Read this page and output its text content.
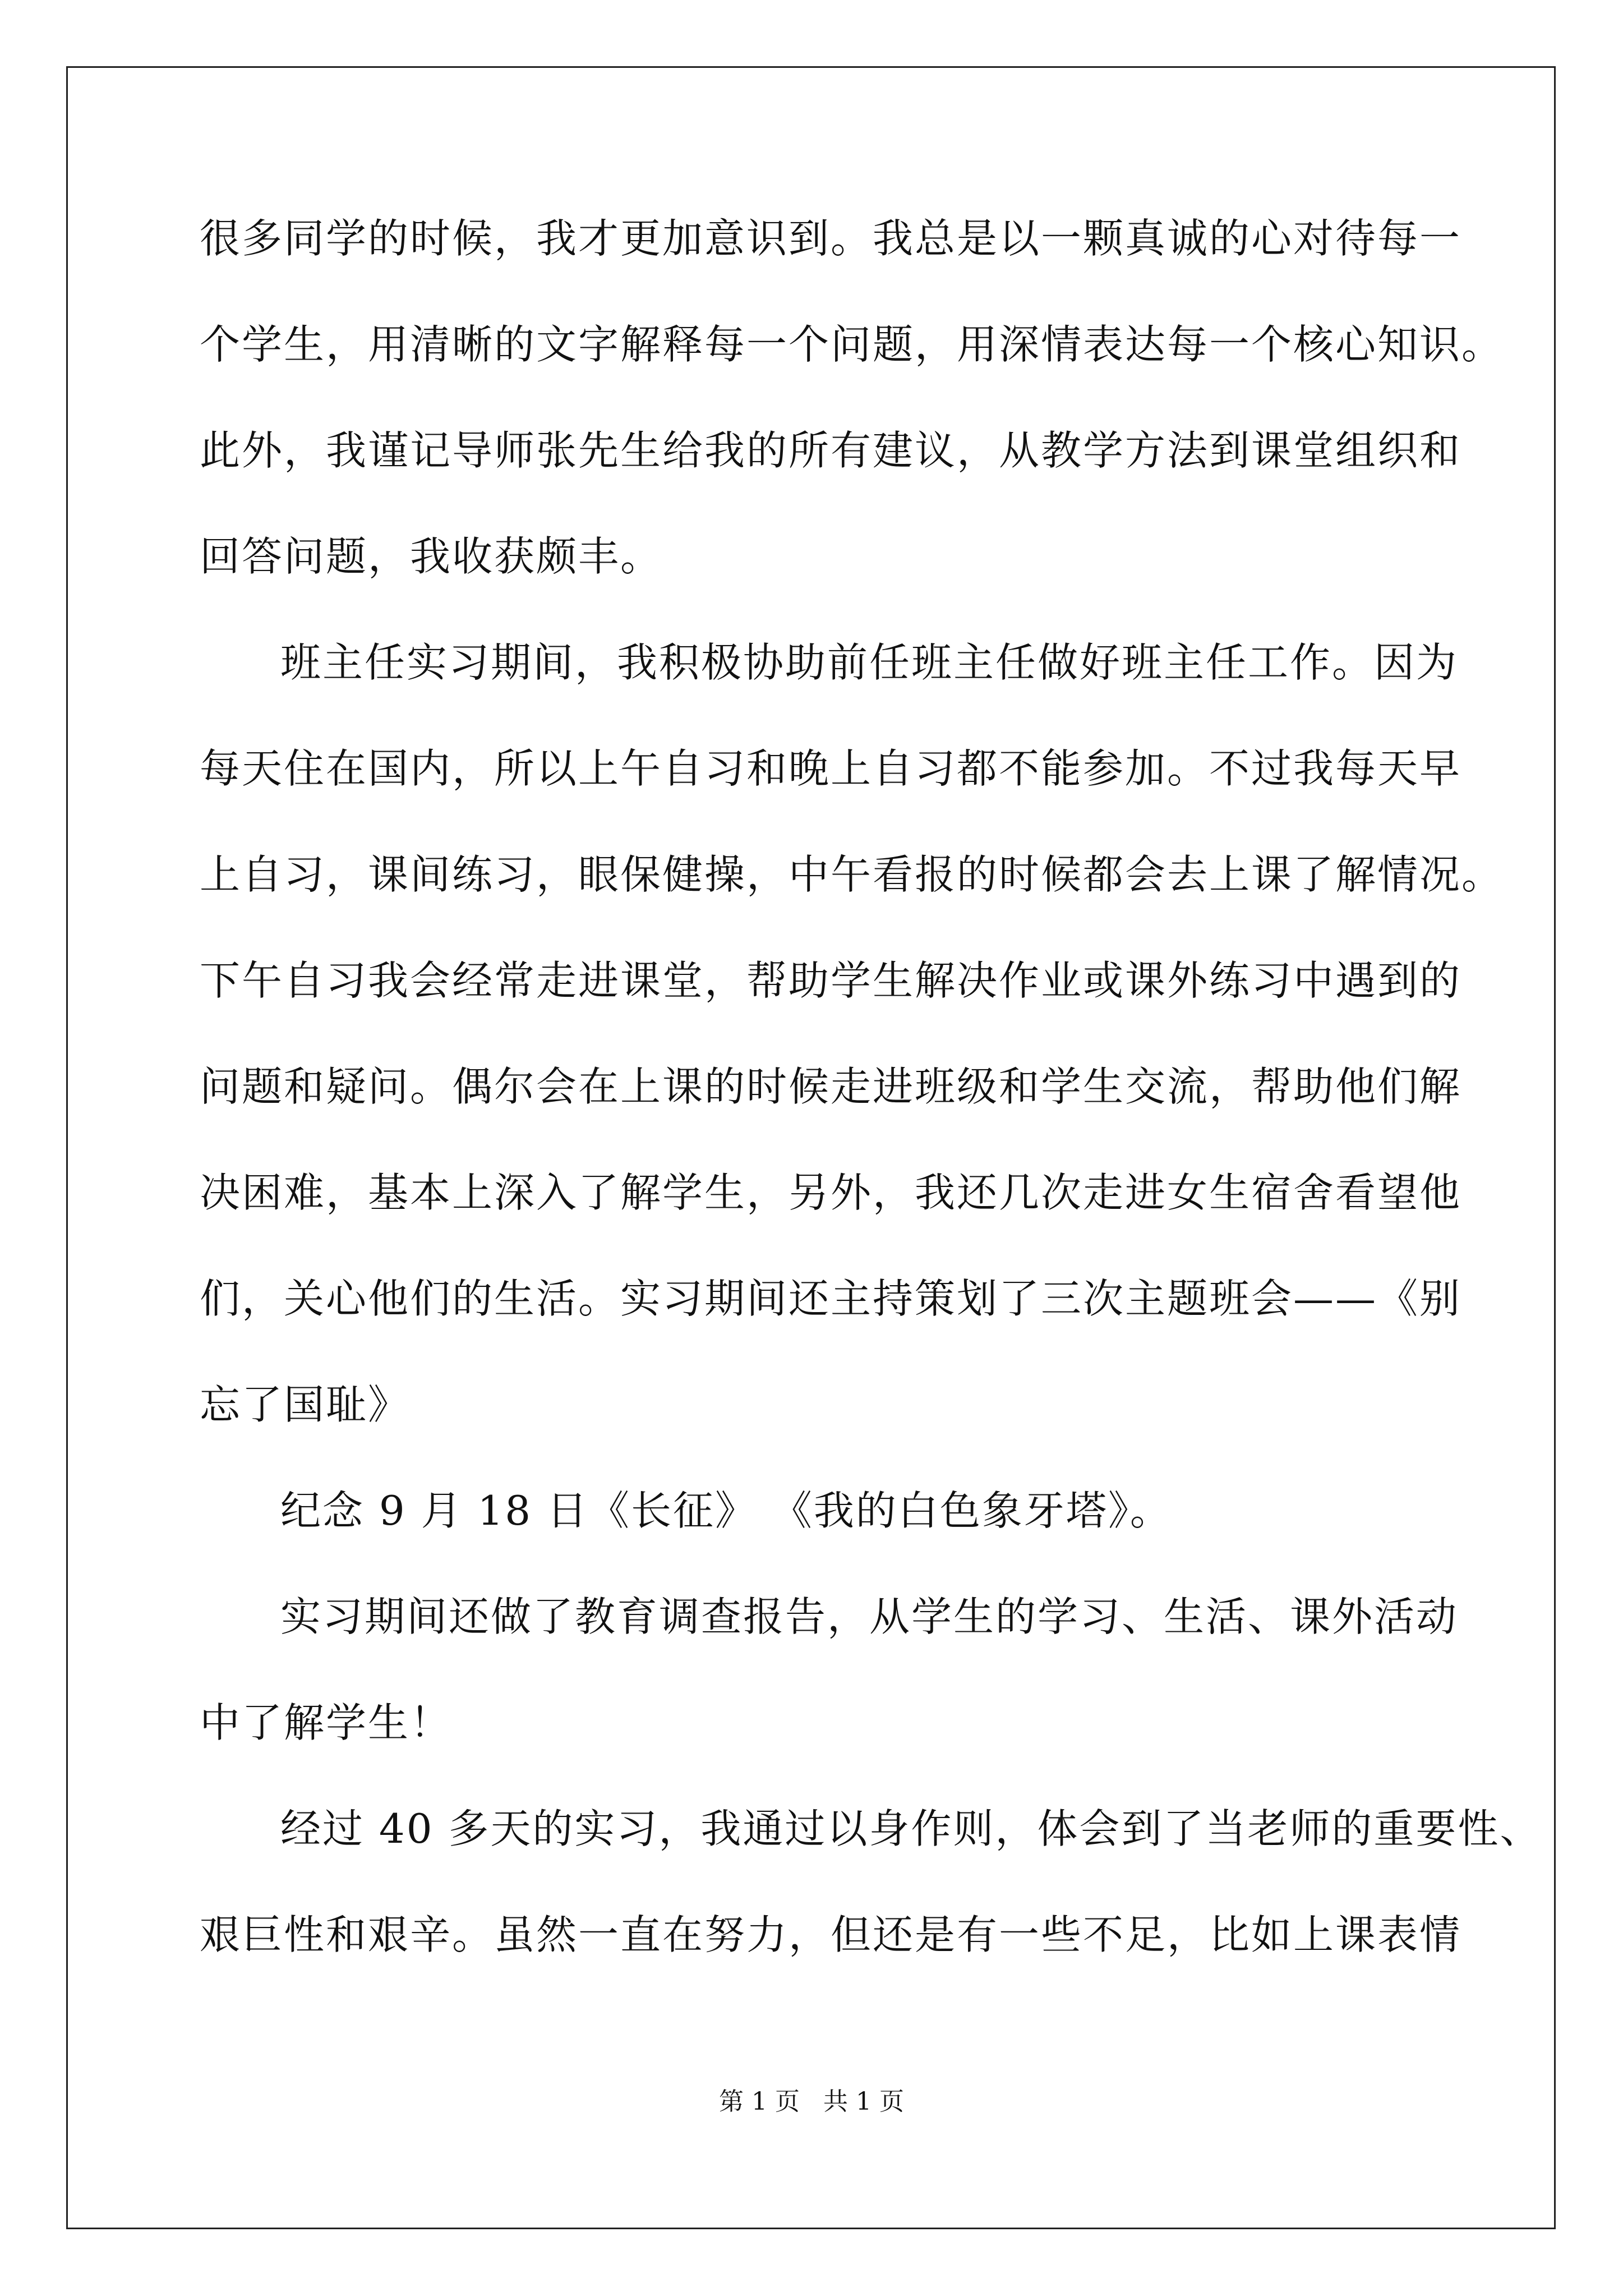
很多同学的时候，我才更加意识到。我总是以一颗真诚的心对待每一
个学生，用清晰的文字解释每一个问题，用深情表达每一个核心知识。
此外，我谨记导师张先生给我的所有建议，从教学方法到课堂组织和
回答问题，我收获颇丰。
班主任实习期间，我积极协助前任班主任做好班主任工作。因为
每天住在国内，所以上午自习和晚上自习都不能参加。不过我每天早
上自习，课间练习，眼保健操，中午看报的时候都会去上课了解情况。
下午自习我会经常走进课堂，帮助学生解决作业或课外练习中遇到的
问题和疑问。偶尔会在上课的时候走进班级和学生交流，帮助他们解
决困难，基本上深入了解学生，另外，我还几次走进女生宿舍看望他
们，关心他们的生活。实习期间还主持策划了三次主题班会——《别
忘了国耻》
纪念 9 月 18 日《长征》 《我的白色象牙塔》。
实习期间还做了教育调查报告，从学生的学习、生活、课外活动
中了解学生！
经过 40 多天的实习，我通过以身作则，体会到了当老师的重要性、
艰巨性和艰辛。虽然一直在努力，但还是有一些不足，比如上课表情
第 1 页 共 1 页
